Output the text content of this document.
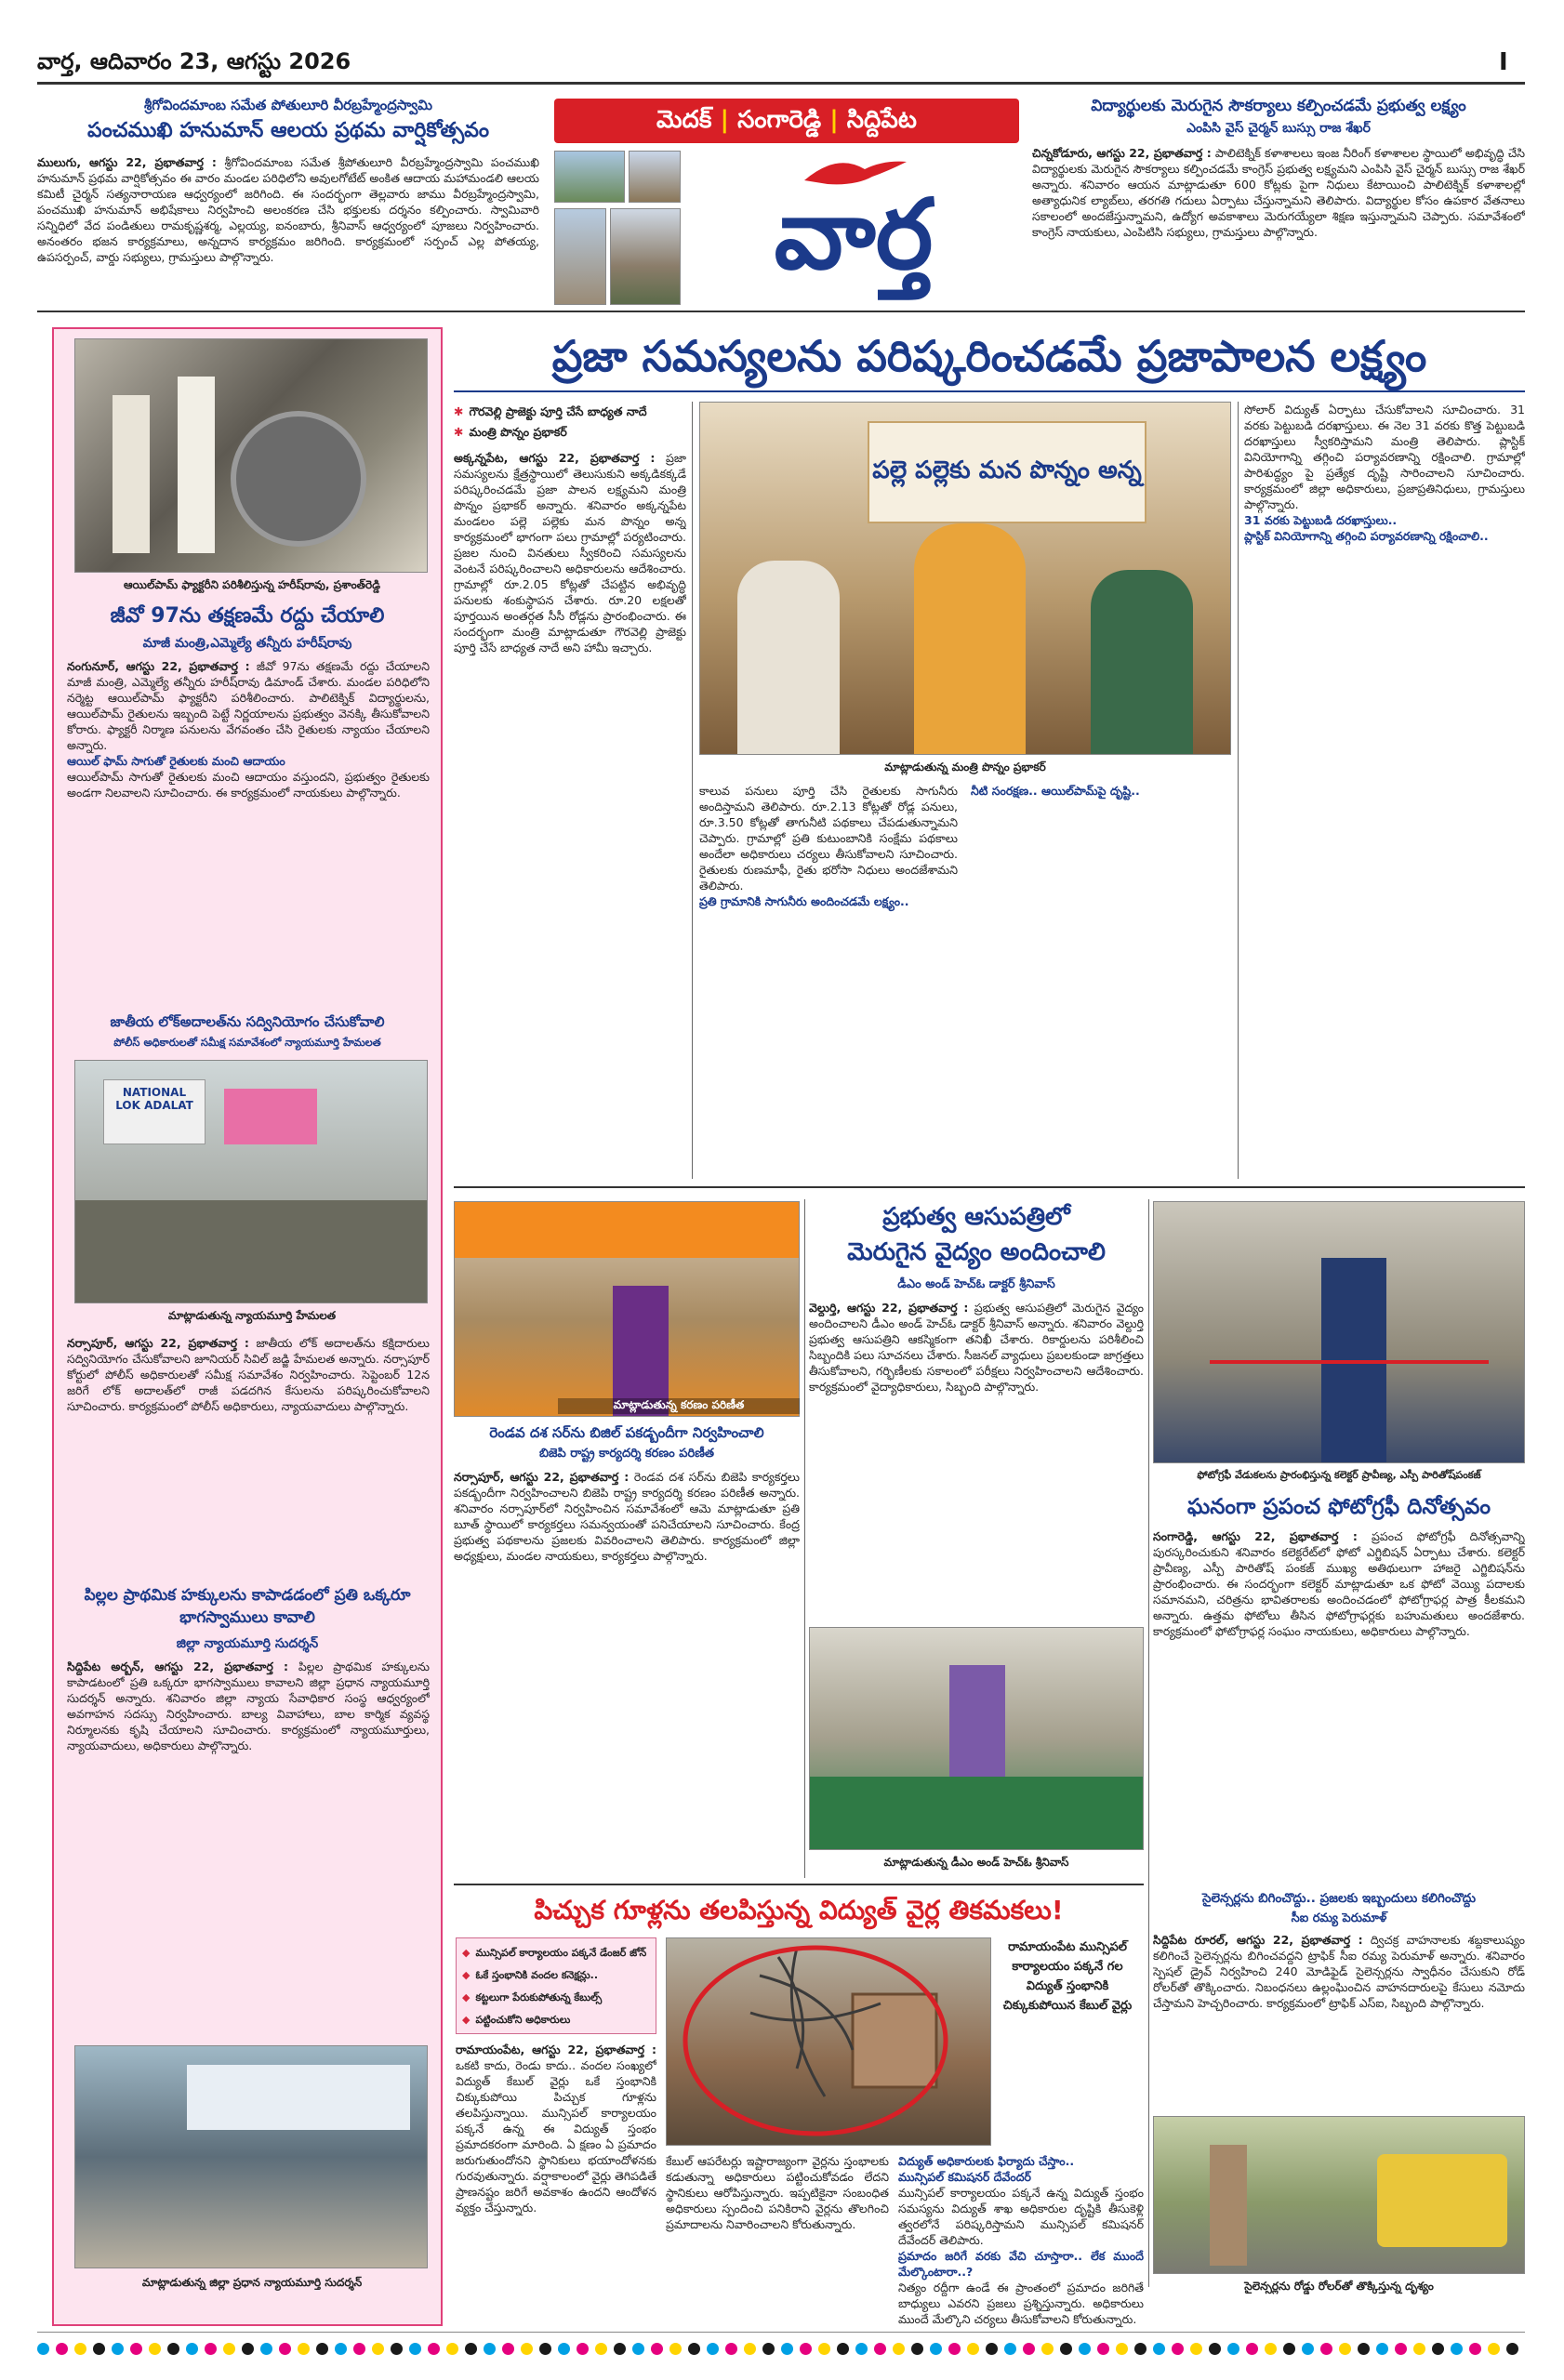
వార్త, ఆదివారం 23, ఆగస్టు 2026	I
శ్రీగోవిందమాంబ సమేత పోతులూరి వీరబ్రహ్మేంద్రస్వామి
పంచముఖి హనుమాన్ ఆలయ ప్రథమ వార్షికోత్సవం
ములుగు, ఆగస్టు 22, ప్రభాతవార్త : శ్రీగోవిందమాంబ సమేత శ్రీపోతులూరి వీరబ్రహ్మేంద్రస్వామి పంచముఖి హనుమాన్ ప్రథమ వార్షికోత్సవం ఈ వారం మండల పరిధిలోని అవులగోటేట్ అంకిత ఆదాయ మహామండలి ఆలయ కమిటీ చైర్మన్ సత్యనారాయణ ఆధ్వర్యంలో జరిగింది. ఈ సందర్భంగా తెల్లవారు జాము వీరబ్రహ్మేంద్రస్వామి, పంచముఖి హనుమాన్ అభిషేకాలు నిర్వహించి అలంకరణ చేసి భక్తులకు దర్శనం కల్పించారు. స్వామివారి సన్నిధిలో వేద పండితులు రామకృష్ణశర్మ, ఎల్లయ్య, ఐనంబారు, శ్రీనివాస్ ఆధ్వర్యంలో పూజలు నిర్వహించారు. అనంతరం భజన కార్యక్రమాలు, అన్నదాన కార్యక్రమం జరిగింది. కార్యక్రమంలో సర్పంచ్ ఎల్ల పోతయ్య, ఉపసర్పంచ్, వార్డు సభ్యులు, గ్రామస్తులు పాల్గొన్నారు.
మెదక్ | సంగారెడ్డి | సిద్దిపేట
వార్త
విద్యార్థులకు మెరుగైన సౌకర్యాలు కల్పించడమే ప్రభుత్వ లక్ష్యం
ఎంపిసి వైస్ చైర్మన్ బుస్సు రాజ శేఖర్
చిన్నకోడూరు, ఆగస్టు 22, ప్రభాతవార్త : పాలిటెక్నిక్ కళాశాలలు ఇంజ నీరింగ్ కళాశాలల స్థాయిలో అభివృద్ధి చేసి విద్యార్థులకు మెరుగైన సౌకర్యాలు కల్పించడమే కాంగ్రెస్ ప్రభుత్వ లక్ష్యమని ఎంపిసి వైస్ చైర్మన్ బుస్సు రాజ శేఖర్ అన్నారు. శనివారం ఆయన మాట్లాడుతూ 600 కోట్లకు పైగా నిధులు కేటాయించి పాలిటెక్నిక్ కళాశాలల్లో అత్యాధునిక ల్యాబ్‌లు, తరగతి గదులు ఏర్పాటు చేస్తున్నామని తెలిపారు. విద్యార్థుల కోసం ఉపకార వేతనాలు సకాలంలో అందజేస్తున్నామని, ఉద్యోగ అవకాశాలు మెరుగయ్యేలా శిక్షణ ఇస్తున్నామని చెప్పారు. సమావేశంలో కాంగ్రెస్ నాయకులు, ఎంపిటిసి సభ్యులు, గ్రామస్తులు పాల్గొన్నారు.
ఆయిల్‌పామ్ ఫ్యాక్టరీని పరిశీలిస్తున్న హరీష్‌రావు, ప్రశాంత్‌రెడ్డి
జీవో 97ను తక్షణమే రద్దు చేయాలి
మాజీ మంత్రి,ఎమ్మెల్యే తన్నీరు హరీష్‌రావు
నంగునూర్, ఆగస్టు 22, ప్రభాతవార్త : జీవో 97ను తక్షణమే రద్దు చేయాలని మాజీ మంత్రి, ఎమ్మెల్యే తన్నీరు హరీష్‌రావు డిమాండ్ చేశారు. మండల పరిధిలోని నర్మెట్ట ఆయిల్‌పామ్ ఫ్యాక్టరీని పరిశీలించారు. పాలిటెక్నిక్ విద్యార్థులను, ఆయిల్‌పామ్ రైతులను ఇబ్బంది పెట్టే నిర్ణయాలను ప్రభుత్వం వెనక్కి తీసుకోవాలని కోరారు. ఫ్యాక్టరీ నిర్మాణ పనులను వేగవంతం చేసి రైతులకు న్యాయం చేయాలని అన్నారు.
ఆయిల్ ఫామ్ సాగుతో రైతులకు మంచి ఆదాయం
ఆయిల్‌పామ్ సాగుతో రైతులకు మంచి ఆదాయం వస్తుందని, ప్రభుత్వం రైతులకు అండగా నిలవాలని సూచించారు. ఈ కార్యక్రమంలో నాయకులు పాల్గొన్నారు.
జాతీయ లోక్‌అదాలత్‌ను సద్వినియోగం చేసుకోవాలి
పోలీస్ అధికారులతో సమీక్ష సమావేశంలో న్యాయమూర్తి హేమలత
NATIONAL LOK ADALAT
మాట్లాడుతున్న న్యాయమూర్తి హేమలత
నర్సాపూర్, ఆగస్టు 22, ప్రభాతవార్త : జాతీయ లోక్ అదాలత్‌ను కక్షిదారులు సద్వినియోగం చేసుకోవాలని జూనియర్ సివిల్ జడ్జి హేమలత అన్నారు. నర్సాపూర్ కోర్టులో పోలీస్ అధికారులతో సమీక్ష సమావేశం నిర్వహించారు. సెప్టెంబర్ 12న జరిగే లోక్ అదాలత్‌లో రాజీ పడదగిన కేసులను పరిష్కరించుకోవాలని సూచించారు. కార్యక్రమంలో పోలీస్ అధికారులు, న్యాయవాదులు పాల్గొన్నారు.
పిల్లల ప్రాథమిక హక్కులను కాపాడడంలో ప్రతి ఒక్కరూ భాగస్వాములు కావాలి
జిల్లా న్యాయమూర్తి సుదర్శన్
సిద్దిపేట అర్బన్, ఆగస్టు 22, ప్రభాతవార్త : పిల్లల ప్రాథమిక హక్కులను కాపాడటంలో ప్రతి ఒక్కరూ భాగస్వాములు కావాలని జిల్లా ప్రధాన న్యాయమూర్తి సుదర్శన్ అన్నారు. శనివారం జిల్లా న్యాయ సేవాధికార సంస్థ ఆధ్వర్యంలో అవగాహన సదస్సు నిర్వహించారు. బాల్య వివాహాలు, బాల కార్మిక వ్యవస్థ నిర్మూలనకు కృషి చేయాలని సూచించారు. కార్యక్రమంలో న్యాయమూర్తులు, న్యాయవాదులు, అధికారులు పాల్గొన్నారు.
మాట్లాడుతున్న జిల్లా ప్రధాన న్యాయమూర్తి సుదర్శన్
ప్రజా సమస్యలను పరిష్కరించడమే ప్రజాపాలన లక్ష్యం
✱ గౌరవెల్లి ప్రాజెక్టు పూర్తి చేసే బాధ్యత నాదే
✱ మంత్రి పొన్నం ప్రభాకర్
అక్కన్నపేట, ఆగస్టు 22, ప్రభాతవార్త : ప్రజా సమస్యలను క్షేత్రస్థాయిలో తెలుసుకుని అక్కడికక్కడే పరిష్కరించడమే ప్రజా పాలన లక్ష్యమని మంత్రి పొన్నం ప్రభాకర్ అన్నారు. శనివారం అక్కన్నపేట మండలం పల్లె పల్లెకు మన పొన్నం అన్న కార్యక్రమంలో భాగంగా పలు గ్రామాల్లో పర్యటించారు. ప్రజల నుంచి వినతులు స్వీకరించి సమస్యలను వెంటనే పరిష్కరించాలని అధికారులను ఆదేశించారు. గ్రామాల్లో రూ.2.05 కోట్లతో చేపట్టిన అభివృద్ధి పనులకు శంకుస్థాపన చేశారు. రూ.20 లక్షలతో పూర్తయిన అంతర్గత సీసీ రోడ్లను ప్రారంభించారు. ఈ సందర్భంగా మంత్రి మాట్లాడుతూ గౌరవెల్లి ప్రాజెక్టు పూర్తి చేసే బాధ్యత నాదే అని హామీ ఇచ్చారు.
పల్లె పల్లెకు మన పొన్నం అన్న
మాట్లాడుతున్న మంత్రి పొన్నం ప్రభాకర్
కాలువ పనులు పూర్తి చేసి రైతులకు సాగునీరు అందిస్తామని తెలిపారు. రూ.2.13 కోట్లతో రోడ్ల పనులు, రూ.3.50 కోట్లతో తాగునీటి పథకాలు చేపడుతున్నామని చెప్పారు. గ్రామాల్లో ప్రతి కుటుంబానికి సంక్షేమ పథకాలు అందేలా అధికారులు చర్యలు తీసుకోవాలని సూచించారు. రైతులకు రుణమాఫీ, రైతు భరోసా నిధులు అందజేశామని తెలిపారు.
ప్రతి గ్రామానికి సాగునీరు అందించడమే లక్ష్యం..
నీటి సంరక్షణ.. ఆయిల్‌పామ్‌పై దృష్టి..
సోలార్ విద్యుత్ ఏర్పాటు చేసుకోవాలని సూచించారు. 31 వరకు పెట్టుబడి దరఖాస్తులు. ఈ నెల 31 వరకు కొత్త పెట్టుబడి దరఖాస్తులు స్వీకరిస్తామని మంత్రి తెలిపారు. ప్లాస్టిక్ వినియోగాన్ని తగ్గించి పర్యావరణాన్ని రక్షించాలి. గ్రామాల్లో పారిశుద్ధ్యం పై ప్రత్యేక దృష్టి సారించాలని సూచించారు. కార్యక్రమంలో జిల్లా అధికారులు, ప్రజాప్రతినిధులు, గ్రామస్తులు పాల్గొన్నారు.
31 వరకు పెట్టుబడి దరఖాస్తులు..
ప్లాస్టిక్ వినియోగాన్ని తగ్గించి పర్యావరణాన్ని రక్షించాలి..
మాట్లాడుతున్న కరణం పరిణీత
రెండవ దశ సర్‌ను బిజిల్ పకడ్బందీగా నిర్వహించాలి
బిజెపి రాష్ట్ర కార్యదర్శి కరణం పరిణీత
నర్సాపూర్, ఆగస్టు 22, ప్రభాతవార్త : రెండవ దశ సర్‌ను బిజెపి కార్యకర్తలు పకడ్బందీగా నిర్వహించాలని బిజెపి రాష్ట్ర కార్యదర్శి కరణం పరిణీత అన్నారు. శనివారం నర్సాపూర్‌లో నిర్వహించిన సమావేశంలో ఆమె మాట్లాడుతూ ప్రతి బూత్ స్థాయిలో కార్యకర్తలు సమన్వయంతో పనిచేయాలని సూచించారు. కేంద్ర ప్రభుత్వ పథకాలను ప్రజలకు వివరించాలని తెలిపారు. కార్యక్రమంలో జిల్లా అధ్యక్షులు, మండల నాయకులు, కార్యకర్తలు పాల్గొన్నారు.
ప్రభుత్వ ఆసుపత్రిలో
మెరుగైన వైద్యం అందించాలి
డీఎం అండ్ హెచ్‌ఓ డాక్టర్ శ్రీనివాస్
వెల్దుర్తి, ఆగస్టు 22, ప్రభాతవార్త : ప్రభుత్వ ఆసుపత్రిలో మెరుగైన వైద్యం అందించాలని డీఎం అండ్ హెచ్‌ఓ డాక్టర్ శ్రీనివాస్ అన్నారు. శనివారం వెల్దుర్తి ప్రభుత్వ ఆసుపత్రిని ఆకస్మికంగా తనిఖీ చేశారు. రికార్డులను పరిశీలించి సిబ్బందికి పలు సూచనలు చేశారు. సీజనల్ వ్యాధులు ప్రబలకుండా జాగ్రత్తలు తీసుకోవాలని, గర్భిణీలకు సకాలంలో పరీక్షలు నిర్వహించాలని ఆదేశించారు. కార్యక్రమంలో వైద్యాధికారులు, సిబ్బంది పాల్గొన్నారు.
మాట్లాడుతున్న డీఎం అండ్ హెచ్‌ఓ శ్రీనివాస్
ఫోటోగ్రఫీ వేడుకలను ప్రారంభిస్తున్న కలెక్టర్ ప్రావీణ్య, ఎస్పీ పారితోష్‌పంకజ్
ఘనంగా ప్రపంచ ఫోటోగ్రఫీ దినోత్సవం
సంగారెడ్డి, ఆగస్టు 22, ప్రభాతవార్త : ప్రపంచ ఫోటోగ్రఫీ దినోత్సవాన్ని పురస్కరించుకుని శనివారం కలెక్టరేట్‌లో ఫోటో ఎగ్జిబిషన్ ఏర్పాటు చేశారు. కలెక్టర్ ప్రావీణ్య, ఎస్పీ పారితోష్ పంకజ్ ముఖ్య అతిథులుగా హాజరై ఎగ్జిబిషన్‌ను ప్రారంభించారు. ఈ సందర్భంగా కలెక్టర్ మాట్లాడుతూ ఒక ఫోటో వెయ్యి పదాలకు సమానమని, చరిత్రను భావితరాలకు అందించడంలో ఫోటోగ్రాఫర్ల పాత్ర కీలకమని అన్నారు. ఉత్తమ ఫోటోలు తీసిన ఫోటోగ్రాఫర్లకు బహుమతులు అందజేశారు. కార్యక్రమంలో ఫోటోగ్రాఫర్ల సంఘం నాయకులు, అధికారులు పాల్గొన్నారు.
సైలెన్సర్లను బిగించొద్దు.. ప్రజలకు ఇబ్బందులు కలిగించొద్దు
సీఐ రమ్య పెరుమాళ్
సిద్దిపేట రూరల్, ఆగస్టు 22, ప్రభాతవార్త : ద్విచక్ర వాహనాలకు శబ్దకాలుష్యం కలిగించే సైలెన్సర్లను బిగించవద్దని ట్రాఫిక్ సీఐ రమ్య పెరుమాళ్ అన్నారు. శనివారం స్పెషల్ డ్రైవ్ నిర్వహించి 240 మోడిఫైడ్ సైలెన్సర్లను స్వాధీనం చేసుకుని రోడ్ రోలర్‌తో తొక్కించారు. నిబంధనలు ఉల్లంఘించిన వాహనదారులపై కేసులు నమోదు చేస్తామని హెచ్చరించారు. కార్యక్రమంలో ట్రాఫిక్ ఎస్ఐ, సిబ్బంది పాల్గొన్నారు.
సైలెన్సర్లను రోడ్డు రోలర్‌తో తొక్కిస్తున్న దృశ్యం
పిచ్చుక గూళ్లను తలపిస్తున్న విద్యుత్ వైర్ల తికమకలు!
◆ మున్సిపల్ కార్యాలయం పక్కనే డేంజర్ జోన్
◆ ఓకే స్తంభానికి వందల కనెక్షన్లు..
◆ కట్టలుగా పేరుకుపోతున్న కేబుల్స్
◆ పట్టించుకోని అధికారులు
రామాయంపేట, ఆగస్టు 22, ప్రభాతవార్త : ఒకటి కాదు, రెండు కాదు.. వందల సంఖ్యలో విద్యుత్ కేబుల్ వైర్లు ఒకే స్తంభానికి చిక్కుకుపోయి పిచ్చుక గూళ్లను తలపిస్తున్నాయి. మున్సిపల్ కార్యాలయం పక్కనే ఉన్న ఈ విద్యుత్ స్తంభం ప్రమాదకరంగా మారింది. ఏ క్షణం ఏ ప్రమాదం జరుగుతుందోనని స్థానికులు భయాందోళనకు గురవుతున్నారు. వర్షాకాలంలో వైర్లు తెగిపడితే ప్రాణనష్టం జరిగే అవకాశం ఉందని ఆందోళన వ్యక్తం చేస్తున్నారు.
రామాయంపేట మున్సిపల్ కార్యాలయం పక్కనే గల విద్యుత్ స్తంభానికి చిక్కుకుపోయిన కేబుల్ వైర్లు
కేబుల్ ఆపరేటర్లు ఇష్టారాజ్యంగా వైర్లను స్తంభాలకు కడుతున్నా అధికారులు పట్టించుకోవడం లేదని స్థానికులు ఆరోపిస్తున్నారు. ఇప్పటికైనా సంబంధిత అధికారులు స్పందించి పనికిరాని వైర్లను తొలగించి ప్రమాదాలను నివారించాలని కోరుతున్నారు.
విద్యుత్ అధికారులకు ఫిర్యాదు చేస్తాం..
మున్సిపల్ కమిషనర్ దేవేందర్
మున్సిపల్ కార్యాలయం పక్కనే ఉన్న విద్యుత్ స్తంభం సమస్యను విద్యుత్ శాఖ అధికారుల దృష్టికి తీసుకెళ్లి త్వరలోనే పరిష్కరిస్తామని మున్సిపల్ కమిషనర్ దేవేందర్ తెలిపారు.
ప్రమాదం జరిగే వరకు వేచి చూస్తారా.. లేక ముందే మేల్కొంటారా..?
నిత్యం రద్దీగా ఉండే ఈ ప్రాంతంలో ప్రమాదం జరిగితే బాధ్యులు ఎవరని ప్రజలు ప్రశ్నిస్తున్నారు. అధికారులు ముందే మేల్కొని చర్యలు తీసుకోవాలని కోరుతున్నారు.
